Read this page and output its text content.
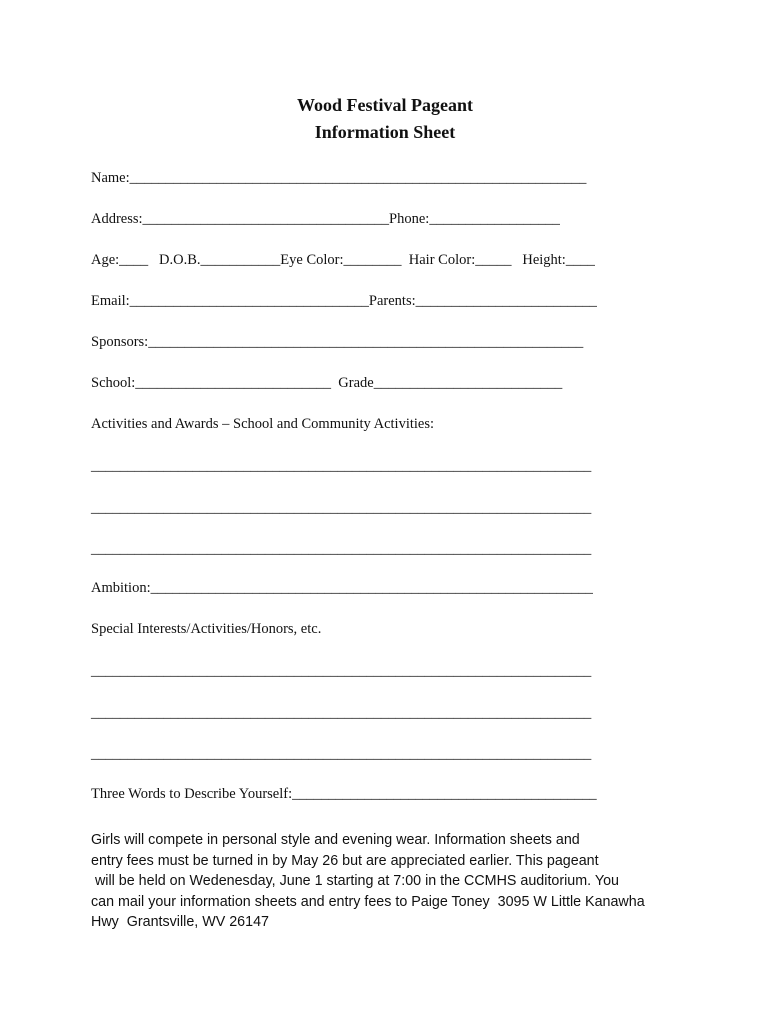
Wood Festival Pageant
Information Sheet
Name:_______________________________________________________________
Address:__________________________________Phone:__________________
Age:____   D.O.B.___________Eye Color:________  Hair Color:_____   Height:____
Email:_________________________________Parents:_________________________
Sponsors:____________________________________________________________
School:___________________________  Grade__________________________
Activities and Awards – School and Community Activities:
_____________________________________________________________________
_____________________________________________________________________
_____________________________________________________________________
Ambition:_____________________________________________________________
Special Interests/Activities/Honors, etc.
_____________________________________________________________________
_____________________________________________________________________
_____________________________________________________________________
Three Words to Describe Yourself:__________________________________________
Girls will compete in personal style and evening wear. Information sheets and
entry fees must be turned in by May 26 but are appreciated earlier. This pageant
will be held on Wedenesday, June 1 starting at 7:00 in the CCMHS auditorium. You
can mail your information sheets and entry fees to Paige Toney  3095 W Little Kanawha
Hwy  Grantsville, WV 26147
